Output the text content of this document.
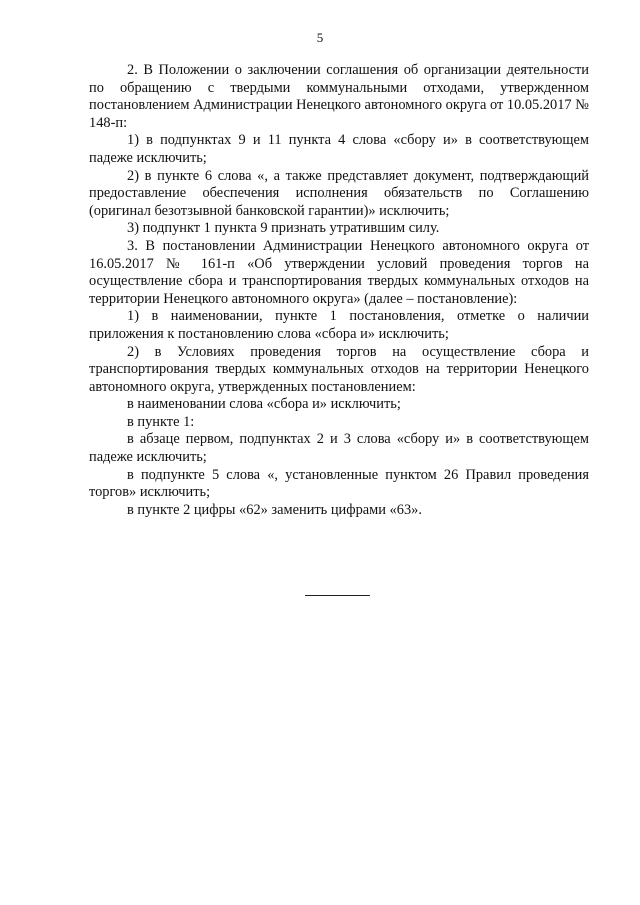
5

2. В Положении о заключении соглашения об организации деятельности по обращению с твердыми коммунальными отходами, утвержденном постановлением Администрации Ненецкого автономного округа от 10.05.2017 № 148-п:

1) в подпунктах 9 и 11 пункта 4 слова «сбору и» в соответствующем падеже исключить;

2) в пункте 6 слова «, а также представляет документ, подтверждающий предоставление обеспечения исполнения обязательств по Соглашению (оригинал безотзывной банковской гарантии)» исключить;

3) подпункт 1 пункта 9 признать утратившим силу.

3. В постановлении Администрации Ненецкого автономного округа от 16.05.2017 № 161-п «Об утверждении условий проведения торгов на осуществление сбора и транспортирования твердых коммунальных отходов на территории Ненецкого автономного округа» (далее – постановление):

1) в наименовании, пункте 1 постановления, отметке о наличии приложения к постановлению слова «сбора и» исключить;

2) в Условиях проведения торгов на осуществление сбора и транспортирования твердых коммунальных отходов на территории Ненецкого автономного округа, утвержденных постановлением:

в наименовании слова «сбора и» исключить;

в пункте 1:

в абзаце первом, подпунктах 2 и 3 слова «сбору и» в соответствующем падеже исключить;

в подпункте 5 слова «, установленные пунктом 26 Правил проведения торгов» исключить;

в пункте 2 цифры «62» заменить цифрами «63».
